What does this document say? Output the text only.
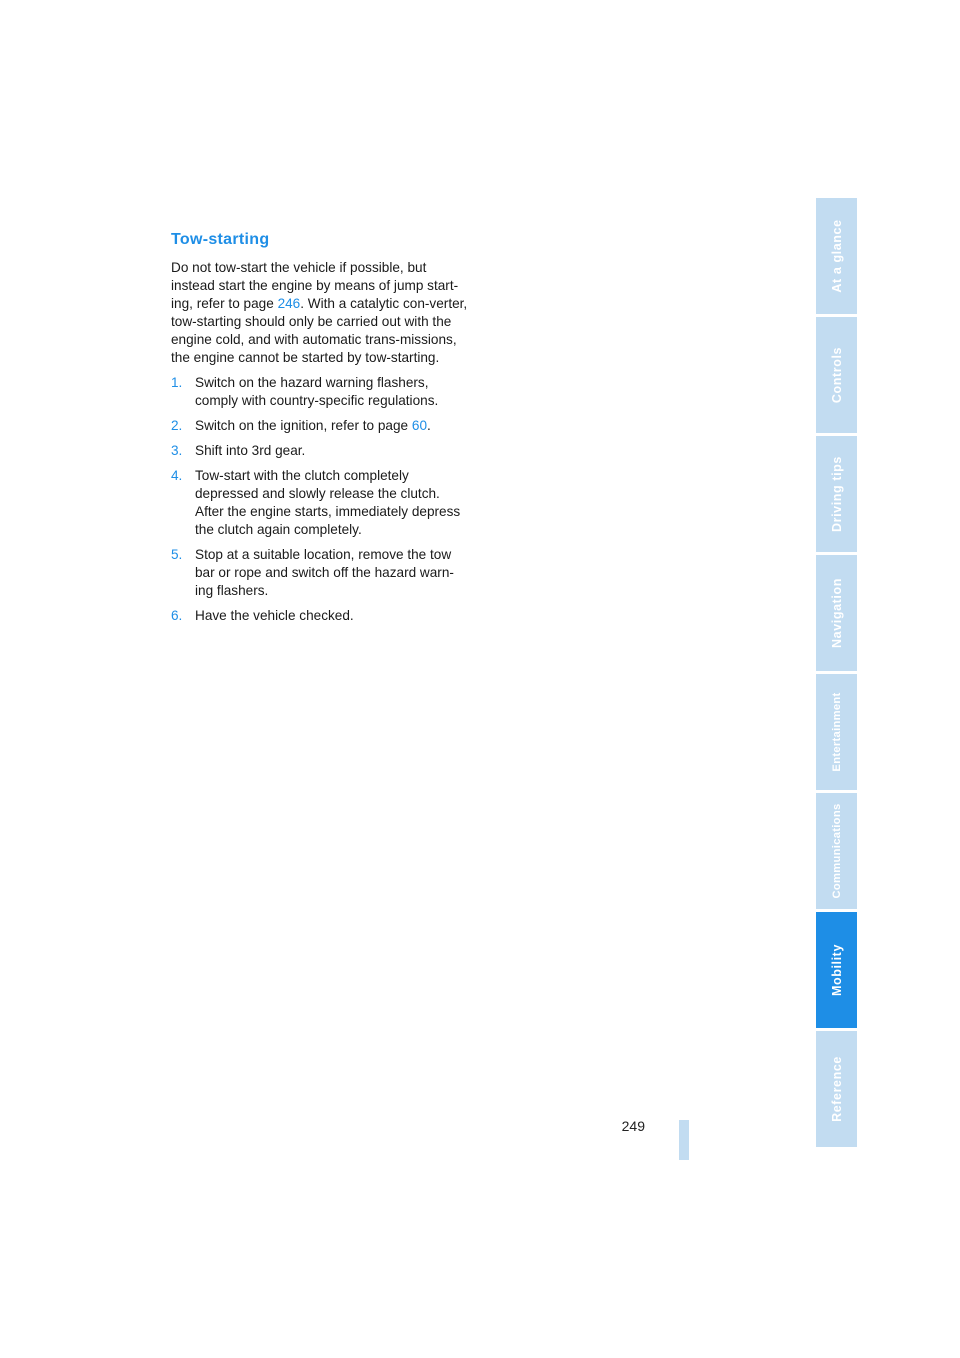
Tow-starting

Do not tow-start the vehicle if possible, but instead start the engine by means of jump start-ing, refer to page 246. With a catalytic con-verter, tow-starting should only be carried out with the engine cold, and with automatic trans-missions, the engine cannot be started by tow-starting.

1. Switch on the hazard warning flashers, comply with country-specific regulations.
2. Switch on the ignition, refer to page 60.
3. Shift into 3rd gear.
4. Tow-start with the clutch completely depressed and slowly release the clutch. After the engine starts, immediately depress the clutch again completely.
5. Stop at a suitable location, remove the tow bar or rope and switch off the hazard warn-ing flashers.
6. Have the vehicle checked.
249
At a glance
Controls
Driving tips
Navigation
Entertainment
Communications
Mobility
Reference
